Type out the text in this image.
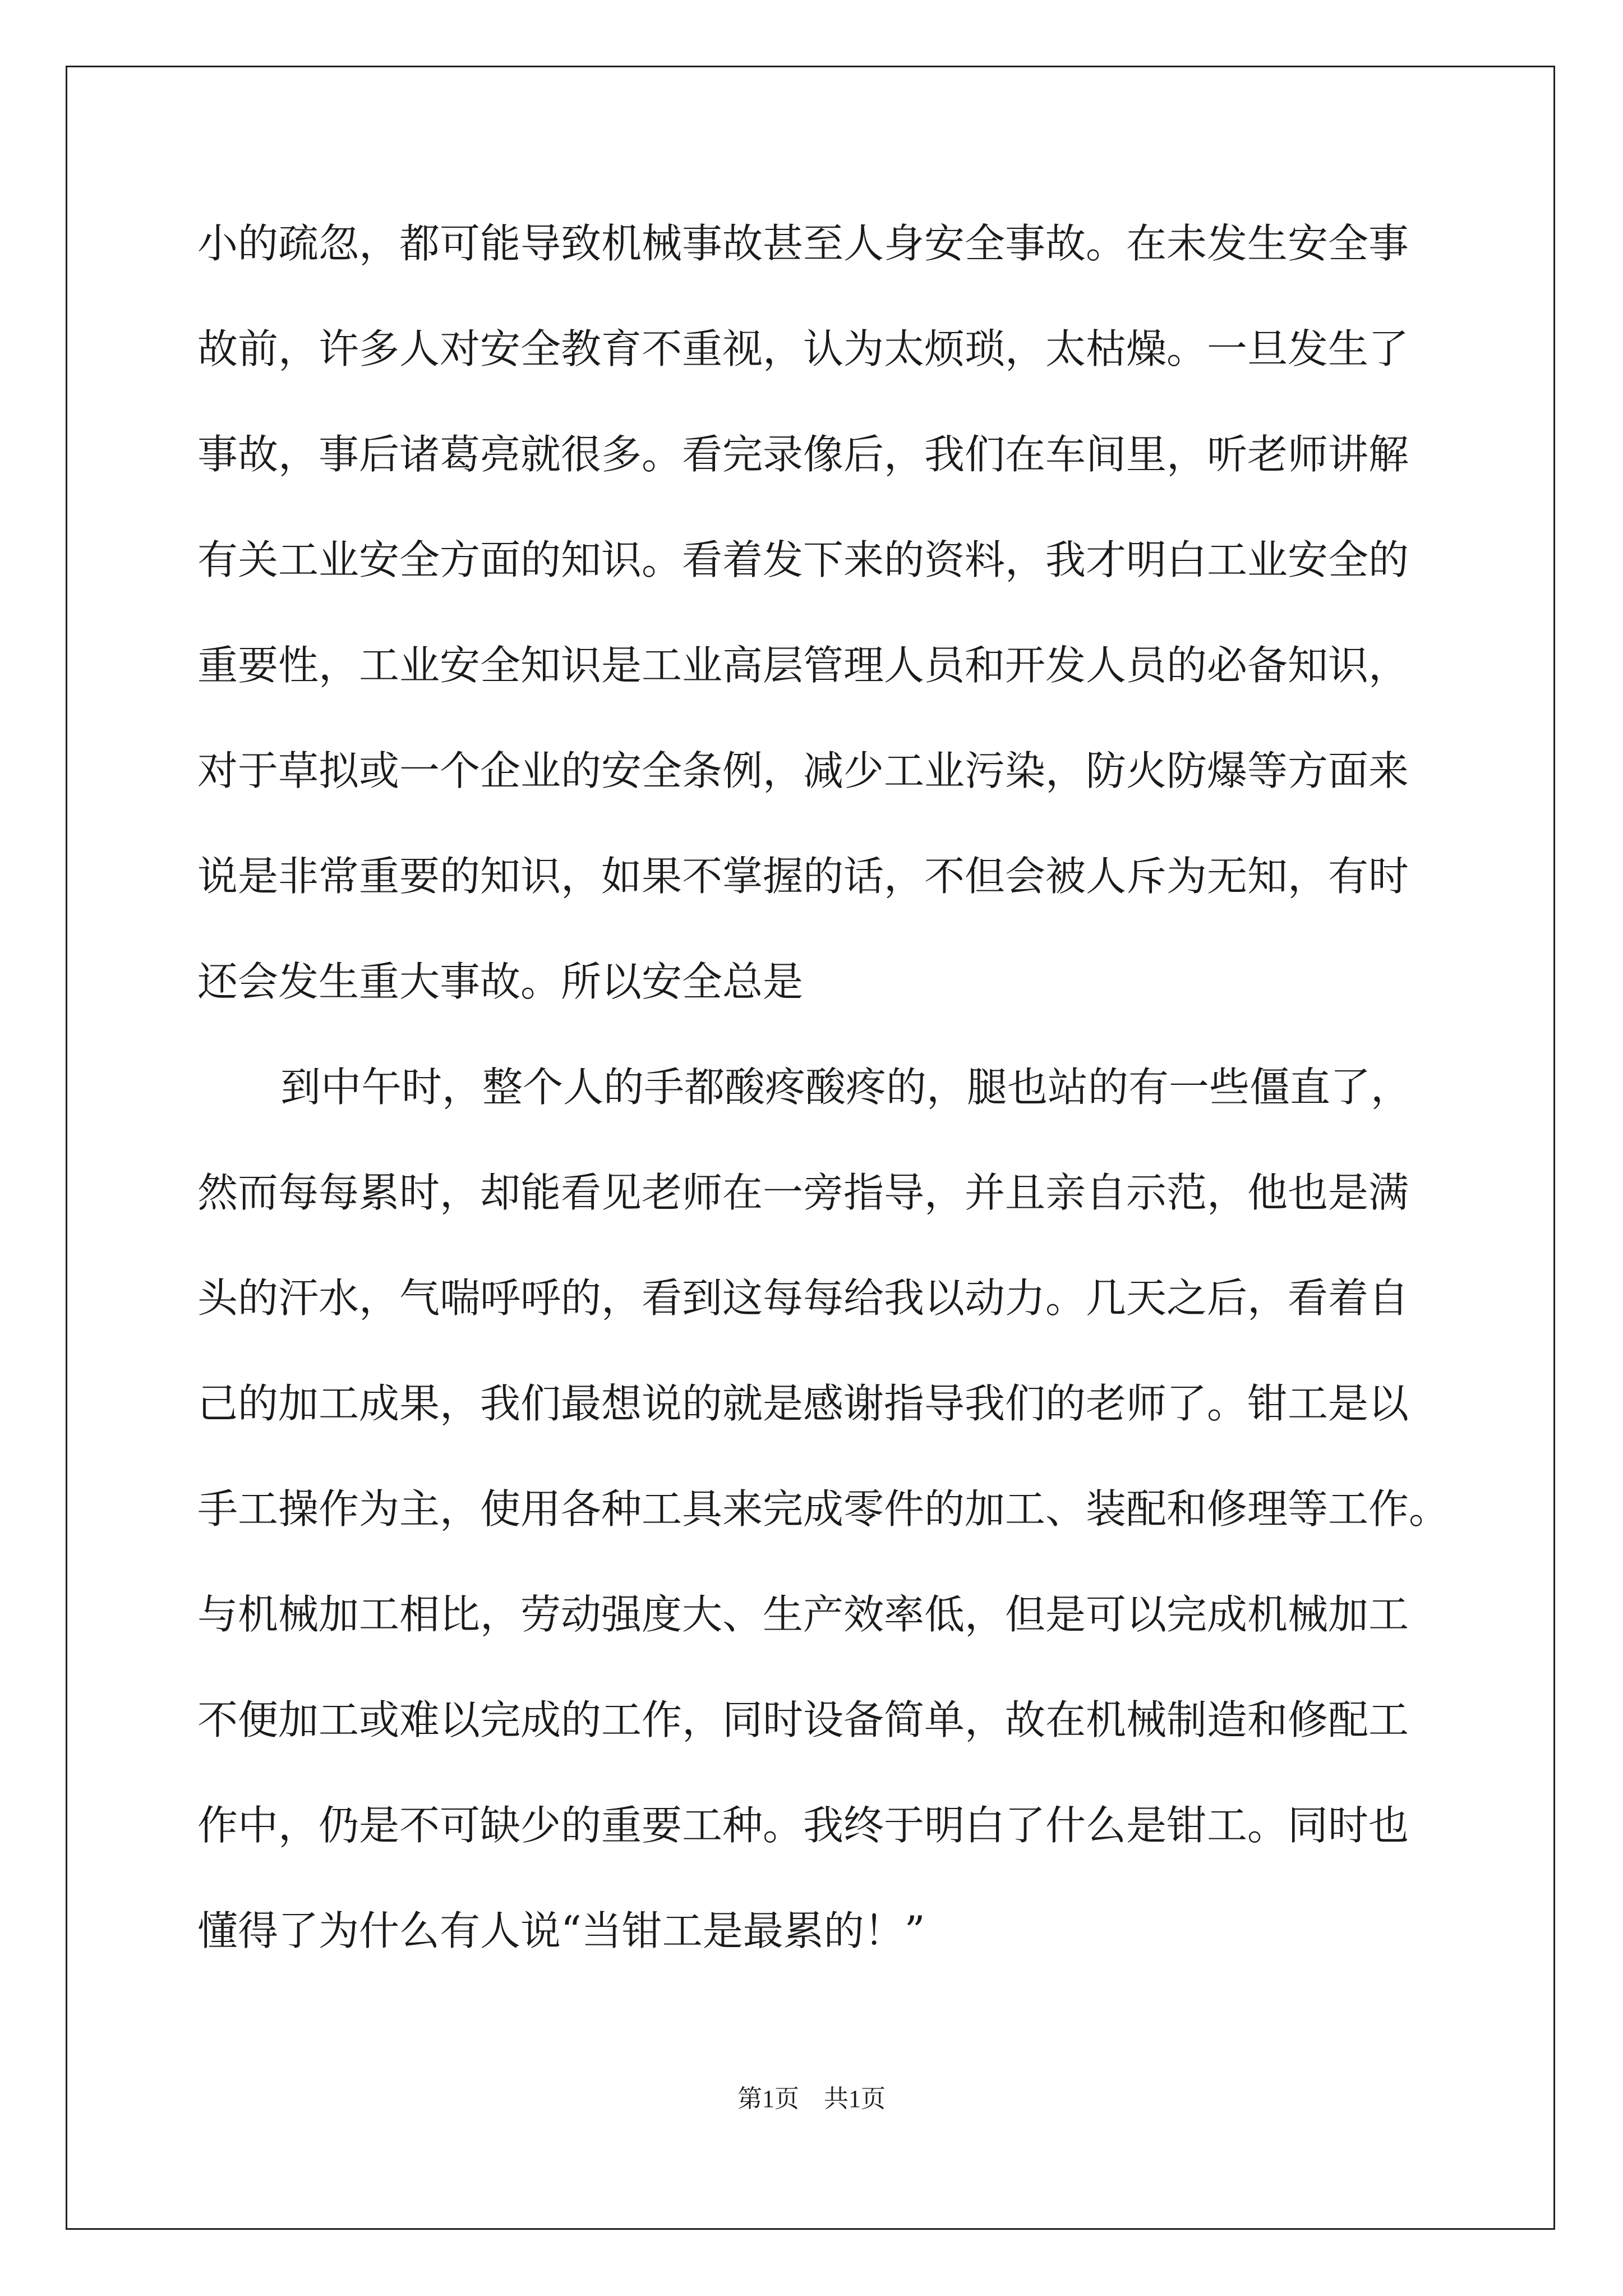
小的疏忽，都可能导致机械事故甚至人身安全事故。在未发生安全事
故前，许多人对安全教育不重视，认为太烦琐，太枯燥。一旦发生了
事故，事后诸葛亮就很多。看完录像后，我们在车间里，听老师讲解
有关工业安全方面的知识。看着发下来的资料，我才明白工业安全的
重要性，工业安全知识是工业高层管理人员和开发人员的必备知识，
对于草拟或一个企业的安全条例，减少工业污染，防火防爆等方面来
说是非常重要的知识，如果不掌握的话，不但会被人斥为无知，有时
还会发生重大事故。所以安全总是
到中午时，整个人的手都酸疼酸疼的，腿也站的有一些僵直了，
然而每每累时，却能看见老师在一旁指导，并且亲自示范，他也是满
头的汗水，气喘呼呼的，看到这每每给我以动力。几天之后，看着自
己的加工成果，我们最想说的就是感谢指导我们的老师了。钳工是以
手工操作为主，使用各种工具来完成零件的加工、装配和修理等工作。
与机械加工相比，劳动强度大、生产效率低，但是可以完成机械加工
不便加工或难以完成的工作，同时设备简单，故在机械制造和修配工
作中，仍是不可缺少的重要工种。我终于明白了什么是钳工。同时也
懂得了为什么有人说“当钳工是最累的！”
第1页　共1页
